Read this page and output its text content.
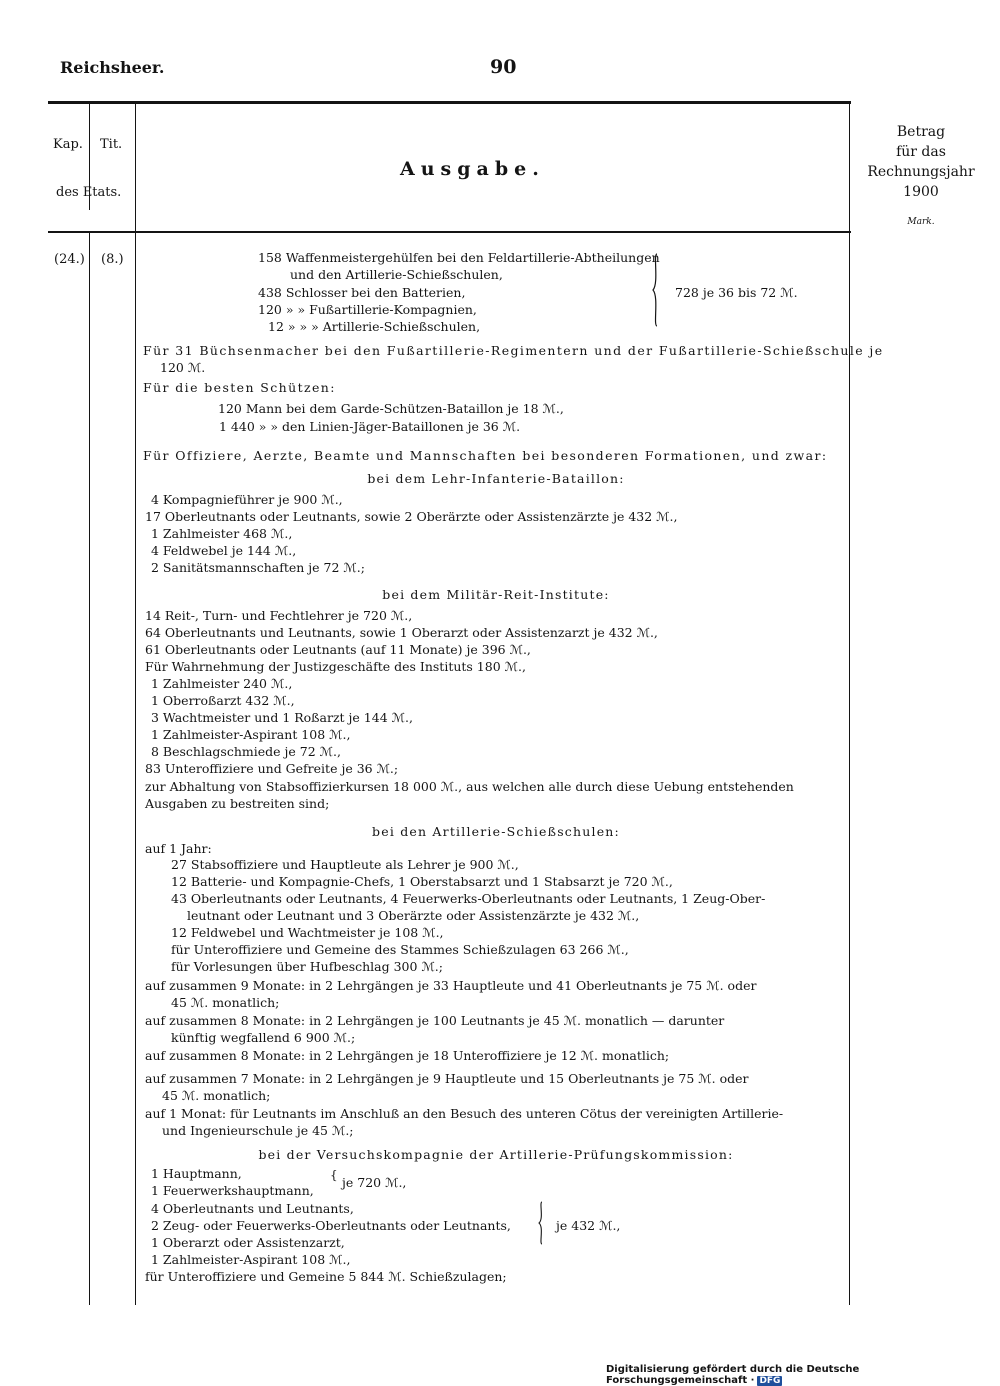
Reichsheer.	90
Kap. Tit.
des Etats.
Ausgabe.
Betrag
für das
Rechnungsjahr
1900
Mark.
(24.) (8.)	158 Waffenmeistergehülfen bei den Feldartillerie-Abtheilungen
und den Artillerie-Schießschulen,
438 Schlosser bei den Batterien,
120 » » Fußartillerie-Kompagnien,
12 » » » Artillerie-Schießschulen,
728 je 36 bis 72 ℳ.
Für 31 Büchsenmacher bei den Fußartillerie-Regimentern und der Fußartillerie-Schießschule je
120 ℳ.
Für die besten Schützen:
120 Mann bei dem Garde-Schützen-Bataillon je 18 ℳ.,
1 440 » » den Linien-Jäger-Bataillonen je 36 ℳ.
Für Offiziere, Aerzte, Beamte und Mannschaften bei besonderen Formationen, und zwar:
bei dem Lehr-Infanterie-Bataillon:
4 Kompagnieführer je 900 ℳ.,
17 Oberleutnants oder Leutnants, sowie 2 Oberärzte oder Assistenzärzte je 432 ℳ.,
1 Zahlmeister 468 ℳ.,
4 Feldwebel je 144 ℳ.,
2 Sanitätsmannschaften je 72 ℳ.;
bei dem Militär-Reit-Institute:
14 Reit-, Turn- und Fechtlehrer je 720 ℳ.,
64 Oberleutnants und Leutnants, sowie 1 Oberarzt oder Assistenzarzt je 432 ℳ.,
61 Oberleutnants oder Leutnants (auf 11 Monate) je 396 ℳ.,
Für Wahrnehmung der Justizgeschäfte des Instituts 180 ℳ.,
1 Zahlmeister 240 ℳ.,
1 Oberroßarzt 432 ℳ.,
3 Wachtmeister und 1 Roßarzt je 144 ℳ.,
1 Zahlmeister-Aspirant 108 ℳ.,
8 Beschlagschmiede je 72 ℳ.,
83 Unteroffiziere und Gefreite je 36 ℳ.;
zur Abhaltung von Stabsoffizierkursen 18 000 ℳ., aus welchen alle durch diese Uebung entstehenden
Ausgaben zu bestreiten sind;
bei den Artillerie-Schießschulen:
auf 1 Jahr:
27 Stabsoffiziere und Hauptleute als Lehrer je 900 ℳ.,
12 Batterie- und Kompagnie-Chefs, 1 Oberstabsarzt und 1 Stabsarzt je 720 ℳ.,
43 Oberleutnants oder Leutnants, 4 Feuerwerks-Oberleutnants oder Leutnants, 1 Zeug-Ober-
leutnant oder Leutnant und 3 Oberärzte oder Assistenzärzte je 432 ℳ.,
12 Feldwebel und Wachtmeister je 108 ℳ.,
für Unteroffiziere und Gemeine des Stammes Schießzulagen 63 266 ℳ.,
für Vorlesungen über Hufbeschlag 300 ℳ.;
auf zusammen 9 Monate: in 2 Lehrgängen je 33 Hauptleute und 41 Oberleutnants je 75 ℳ. oder
45 ℳ. monatlich;
auf zusammen 8 Monate: in 2 Lehrgängen je 100 Leutnants je 45 ℳ. monatlich — darunter
künftig wegfallend 6 900 ℳ.;
auf zusammen 8 Monate: in 2 Lehrgängen je 18 Unteroffiziere je 12 ℳ. monatlich;
auf zusammen 7 Monate: in 2 Lehrgängen je 9 Hauptleute und 15 Oberleutnants je 75 ℳ. oder
45 ℳ. monatlich;
auf 1 Monat: für Leutnants im Anschluß an den Besuch des unteren Cötus der vereinigten Artillerie-
und Ingenieurschule je 45 ℳ.;
bei der Versuchskompagnie der Artillerie-Prüfungskommission:
1 Hauptmann,
1 Feuerwerkshauptmann,
{ je 720 ℳ.,
4 Oberleutnants und Leutnants,
2 Zeug- oder Feuerwerks-Oberleutnants oder Leutnants,
1 Oberarzt oder Assistenzarzt,
je 432 ℳ.,
1 Zahlmeister-Aspirant 108 ℳ.,
für Unteroffiziere und Gemeine 5 844 ℳ. Schießzulagen;
Digitalisierung gefördert durch die Deutsche Forschungsgemeinschaft · DFG
